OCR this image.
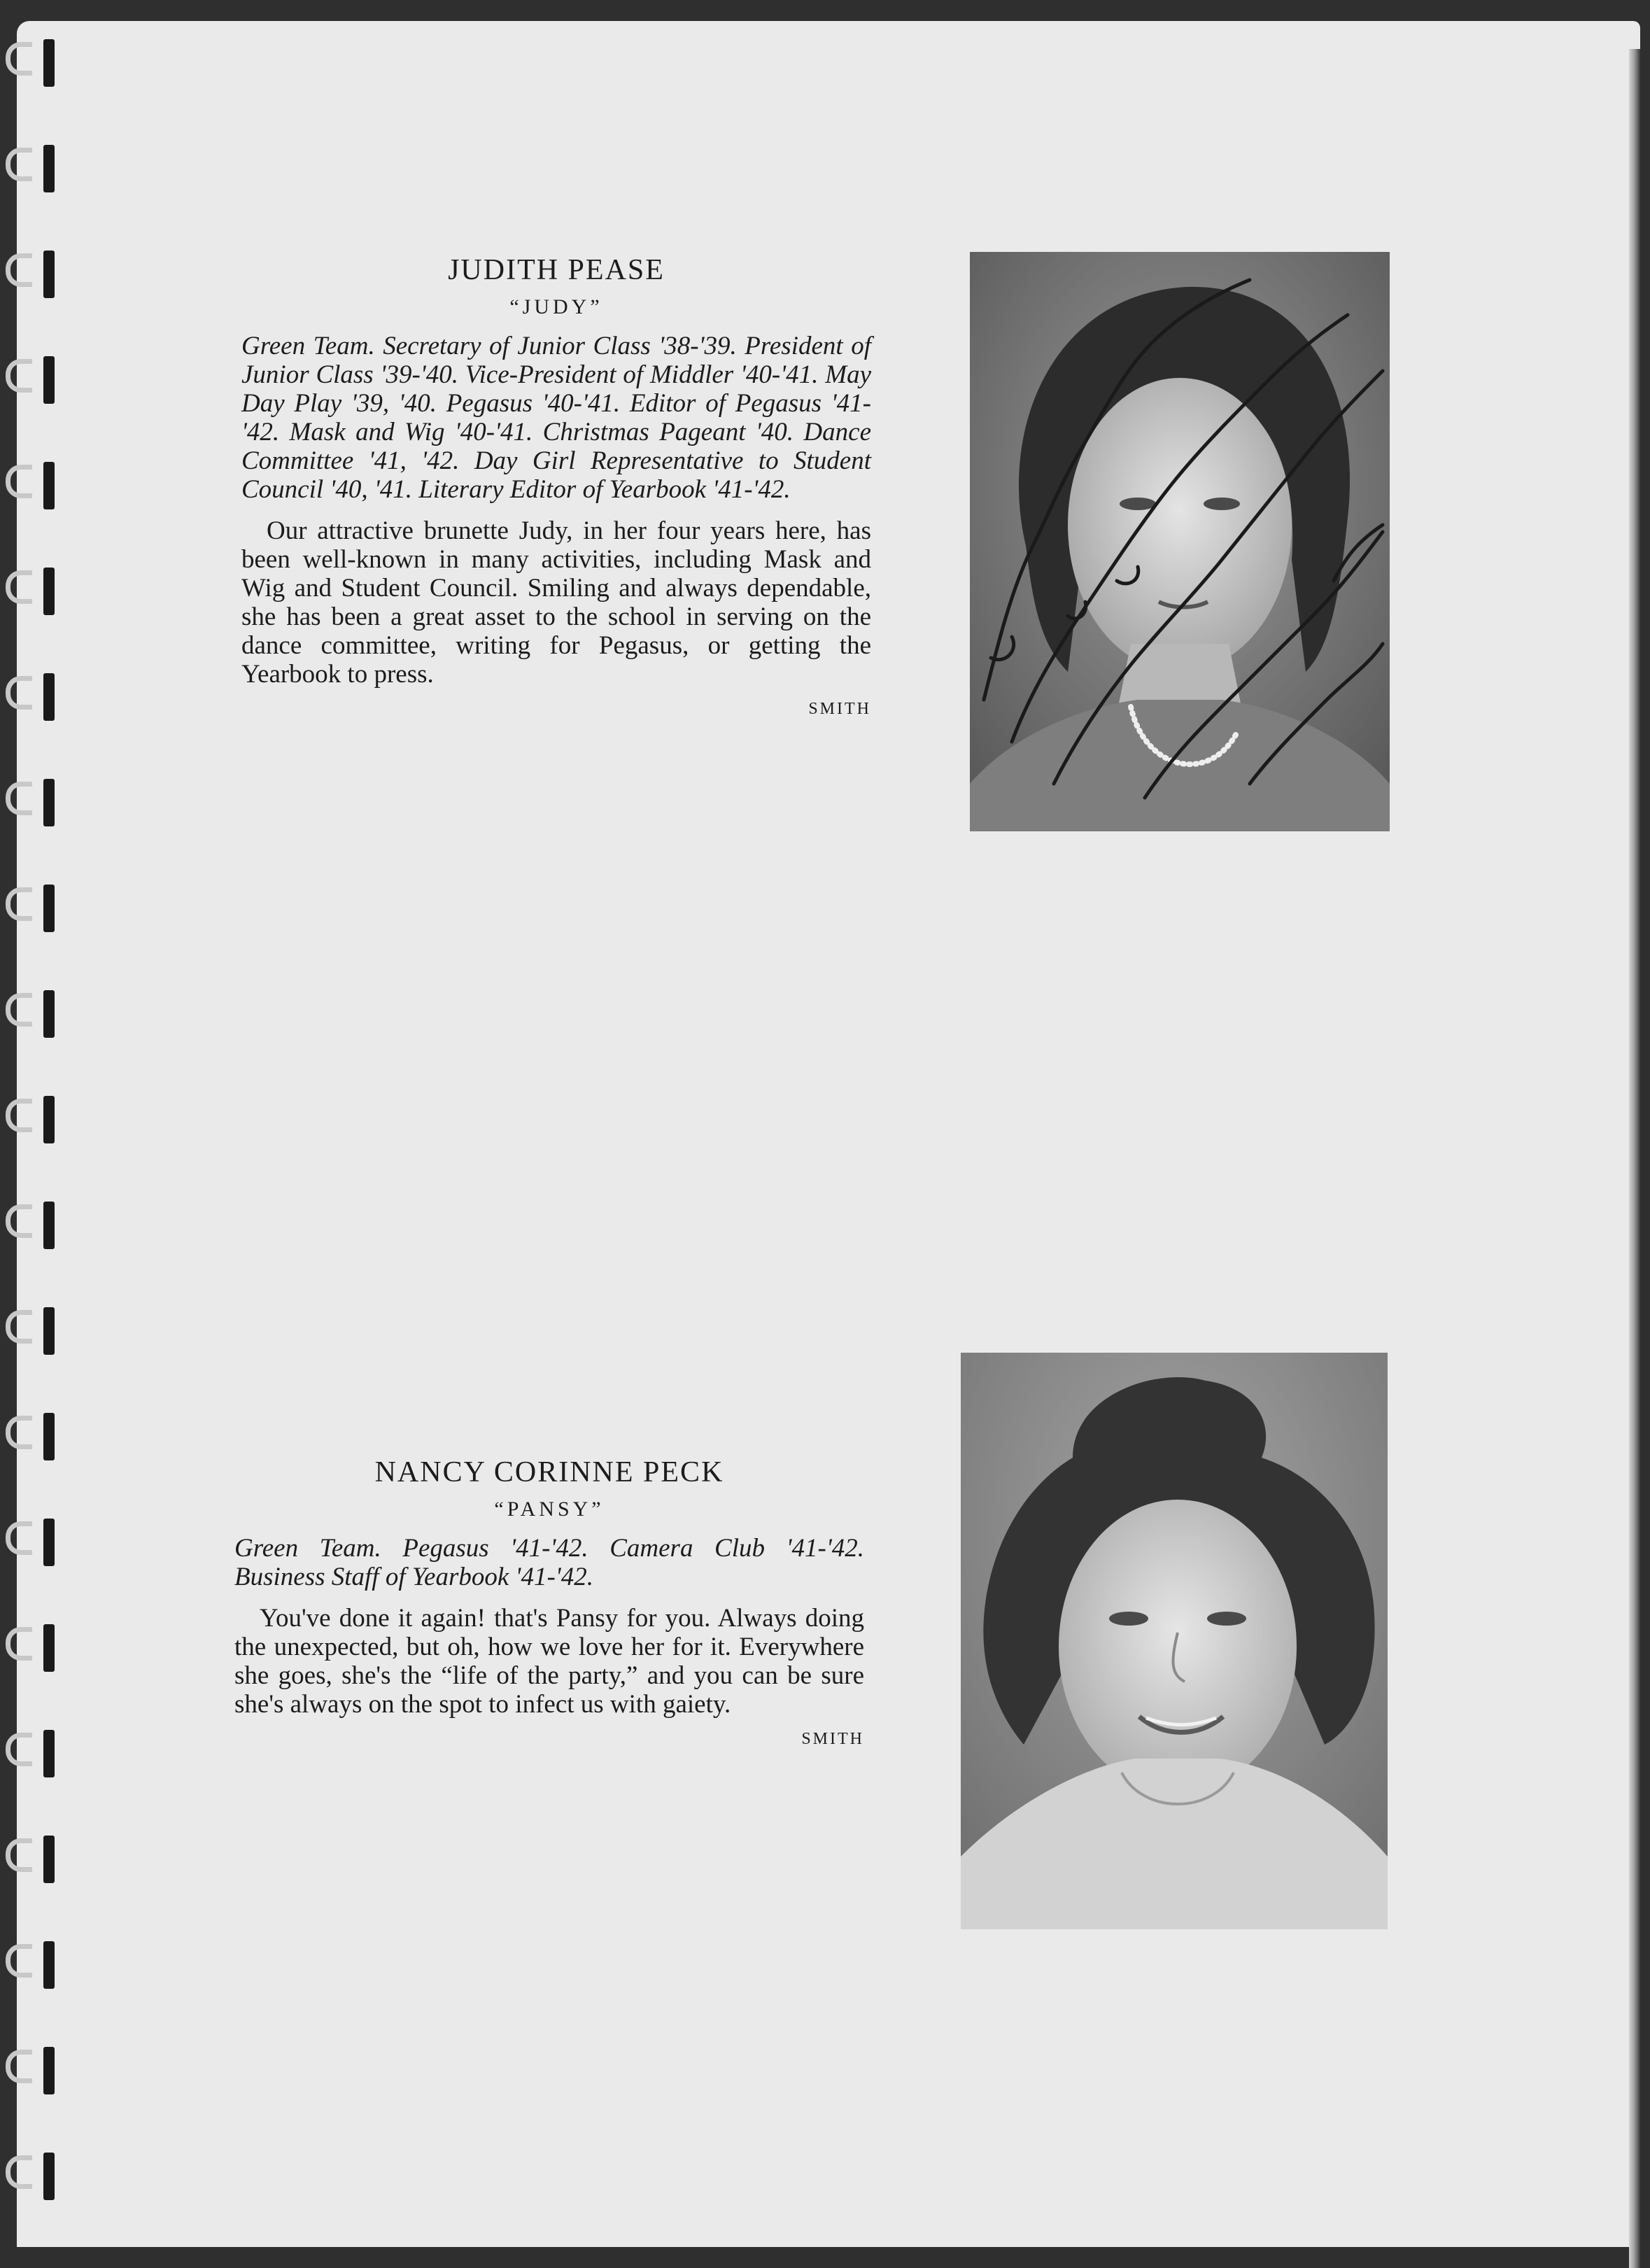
JUDITH PEASE

“JUDY”

Green Team. Secretary of Junior Class '38-'39. President of Junior Class '39-'40. Vice-President of Middler '40-'41. May Day Play '39, '40. Pegasus '40-'41. Editor of Pegasus '41-'42. Mask and Wig '40-'41. Christmas Pageant '40. Dance Committee '41, '42. Day Girl Representative to Student Council '40, '41. Literary Editor of Yearbook '41-'42.

Our attractive brunette Judy, in her four years here, has been well-known in many activities, including Mask and Wig and Student Council. Smiling and always dependable, she has been a great asset to the school in serving on the dance committee, writing for Pegasus, or getting the Yearbook to press.

SMITH

NANCY CORINNE PECK

“PANSY”

Green Team. Pegasus '41-'42. Camera Club '41-'42. Business Staff of Yearbook '41-'42.

You've done it again! that's Pansy for you. Always doing the unexpected, but oh, how we love her for it. Everywhere she goes, she's the “life of the party,” and you can be sure she's always on the spot to infect us with gaiety.

SMITH
